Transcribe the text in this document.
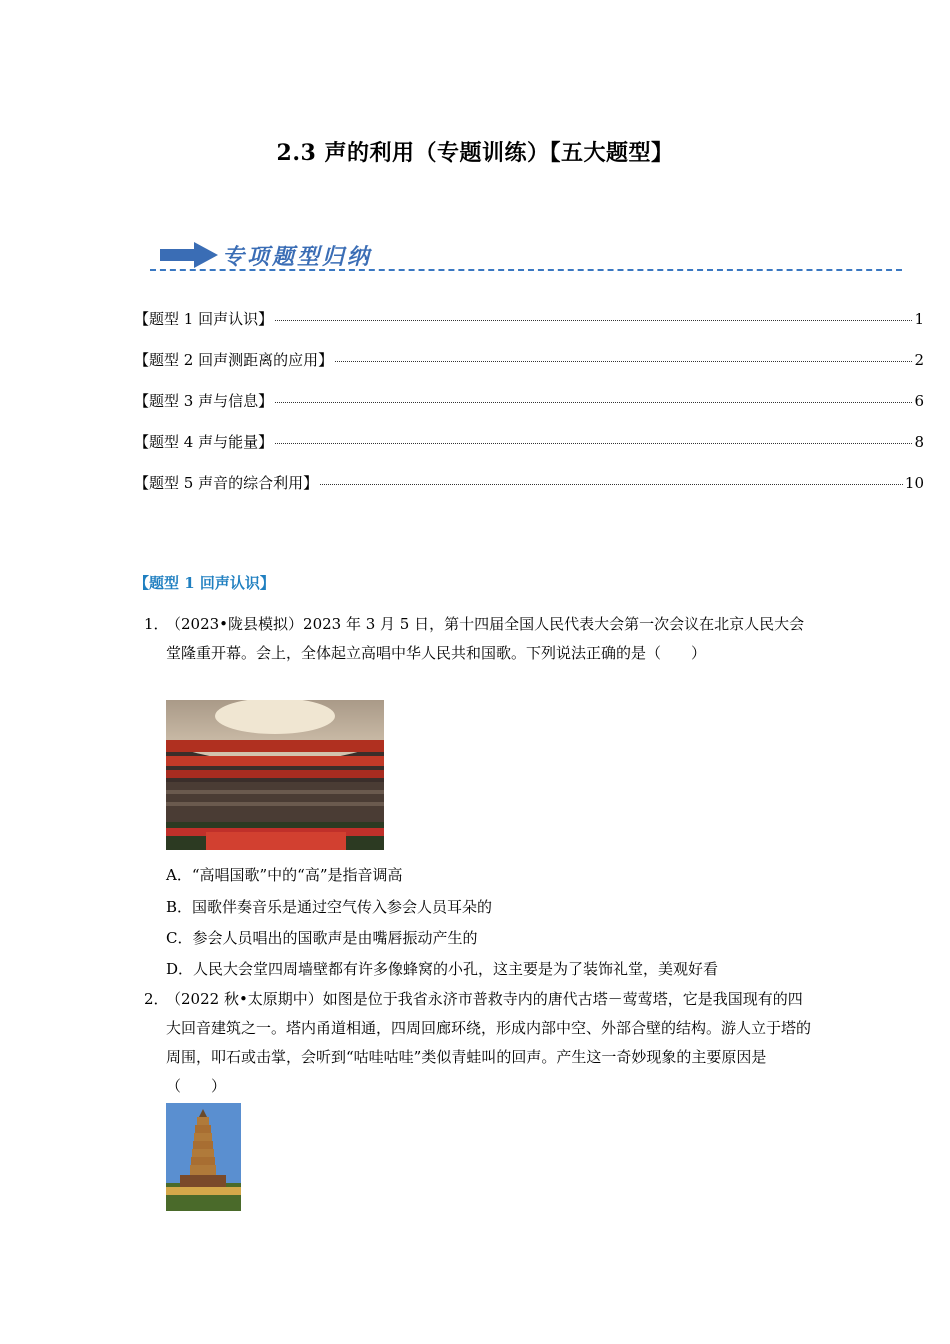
2.3 声的利用（专题训练）【五大题型】
专项题型归纳
【题型 1 回声认识】	1
【题型 2 回声测距离的应用】	2
【题型 3 声与信息】	6
【题型 4 声与能量】	8
【题型 5 声音的综合利用】	10
【题型 1 回声认识】
1．
（2023•陇县模拟）2023 年 3 月 5 日，第十四届全国人民代表大会第一次会议在北京人民大会堂隆重开幕。会上，全体起立高唱中华人民共和国歌。下列说法正确的是（　　）
A．“高唱国歌”中的“高”是指音调高
B．国歌伴奏音乐是通过空气传入参会人员耳朵的
C．参会人员唱出的国歌声是由嘴唇振动产生的
D．人民大会堂四周墙壁都有许多像蜂窝的小孔，这主要是为了装饰礼堂，美观好看
2．
（2022 秋•太原期中）如图是位于我省永济市普救寺内的唐代古塔－莺莺塔，它是我国现有的四大回音建筑之一。塔内甬道相通，四周回廊环绕，形成内部中空、外部合壁的结构。游人立于塔的周围，叩石或击掌，会听到“咕哇咕哇”类似青蛙叫的回声。产生这一奇妙现象的主要原因是（　　）
